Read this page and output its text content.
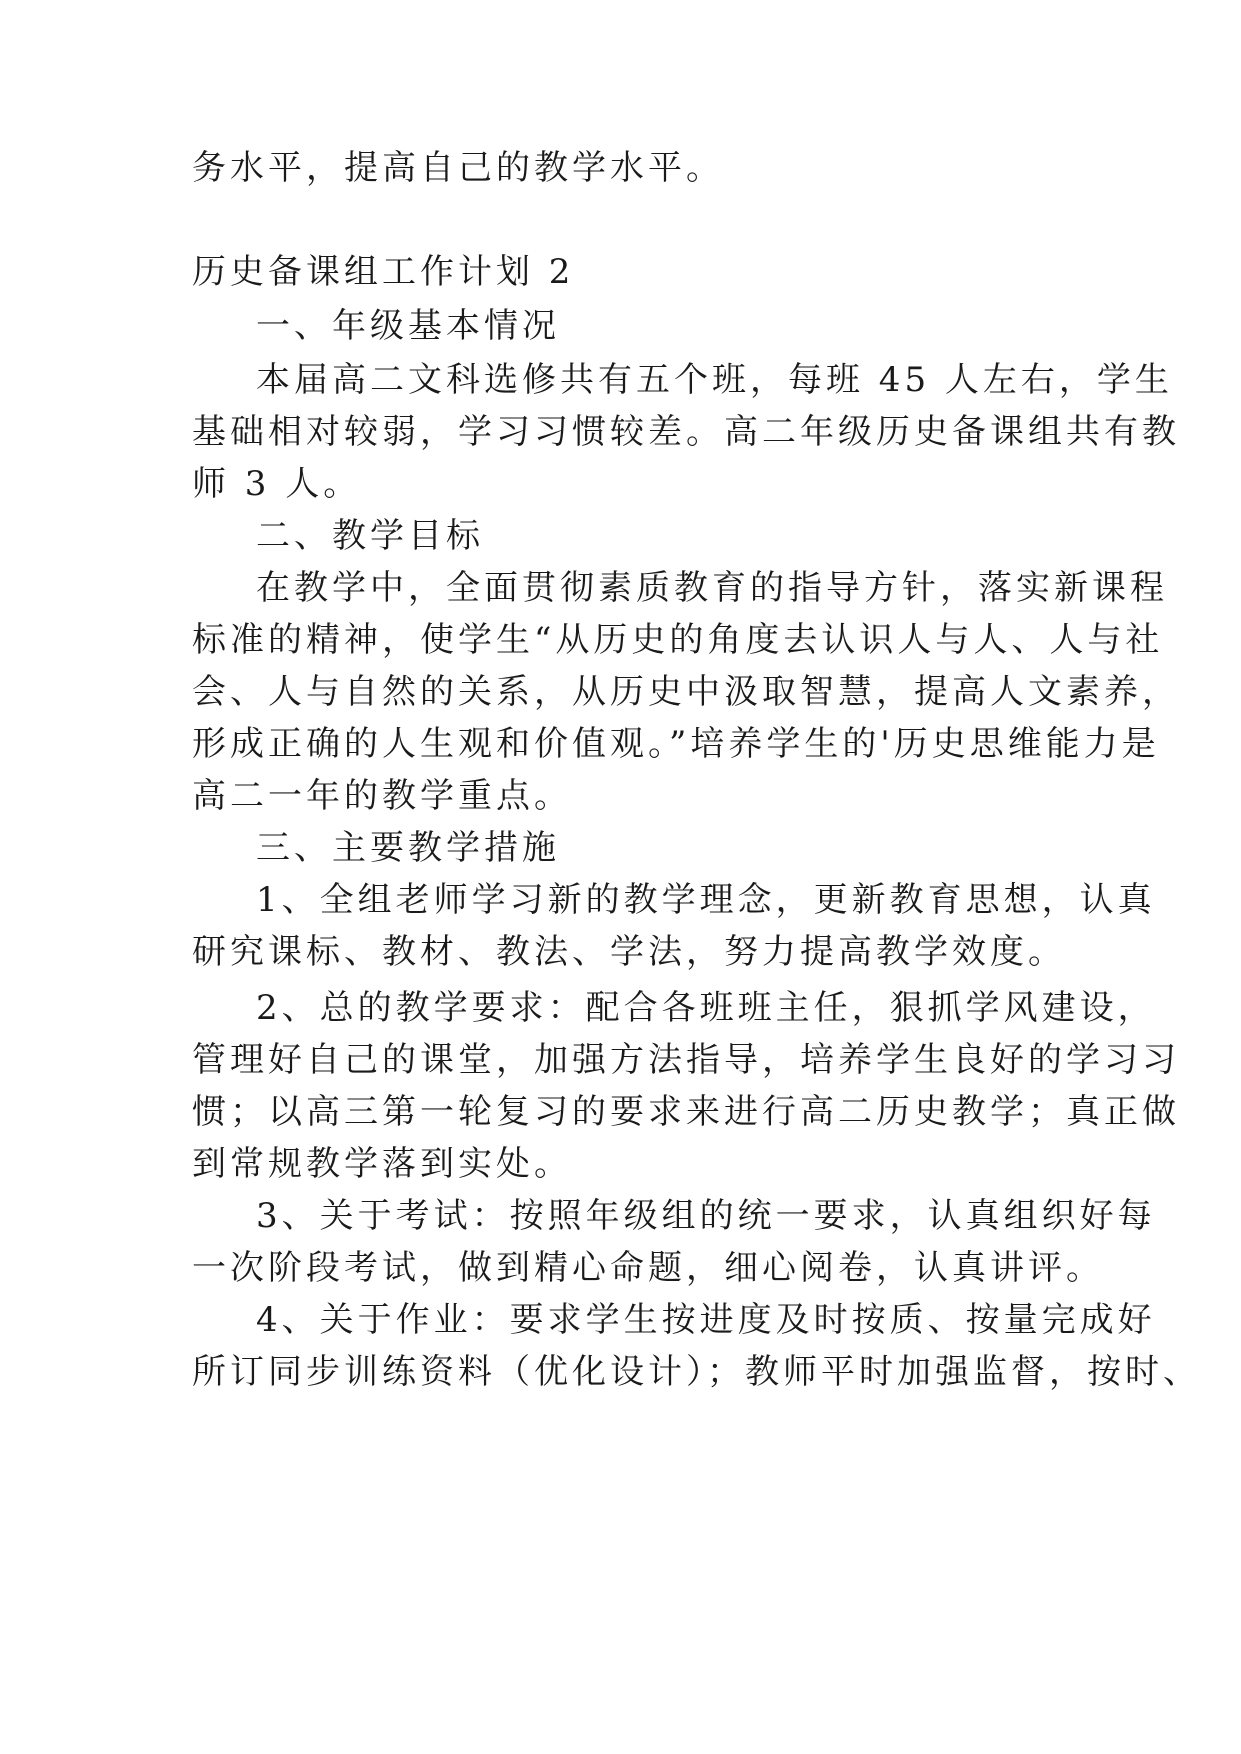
务水平，提高自己的教学水平。
历史备课组工作计划 2
一、年级基本情况
本届高二文科选修共有五个班，每班 45 人左右，学生
基础相对较弱，学习习惯较差。高二年级历史备课组共有教
师 3 人。
二、教学目标
在教学中，全面贯彻素质教育的指导方针，落实新课程
标准的精神，使学生“从历史的角度去认识人与人、人与社
会、人与自然的关系，从历史中汲取智慧，提高人文素养，
形成正确的人生观和价值观。”培养学生的'历史思维能力是
高二一年的教学重点。
三、主要教学措施
1、全组老师学习新的教学理念，更新教育思想，认真
研究课标、教材、教法、学法，努力提高教学效度。
2、总的教学要求：配合各班班主任，狠抓学风建设，
管理好自己的课堂，加强方法指导，培养学生良好的学习习
惯；以高三第一轮复习的要求来进行高二历史教学；真正做
到常规教学落到实处。
3、关于考试：按照年级组的统一要求，认真组织好每
一次阶段考试，做到精心命题，细心阅卷，认真讲评。
4、关于作业：要求学生按进度及时按质、按量完成好
所订同步训练资料（优化设计）；教师平时加强监督，按时、
